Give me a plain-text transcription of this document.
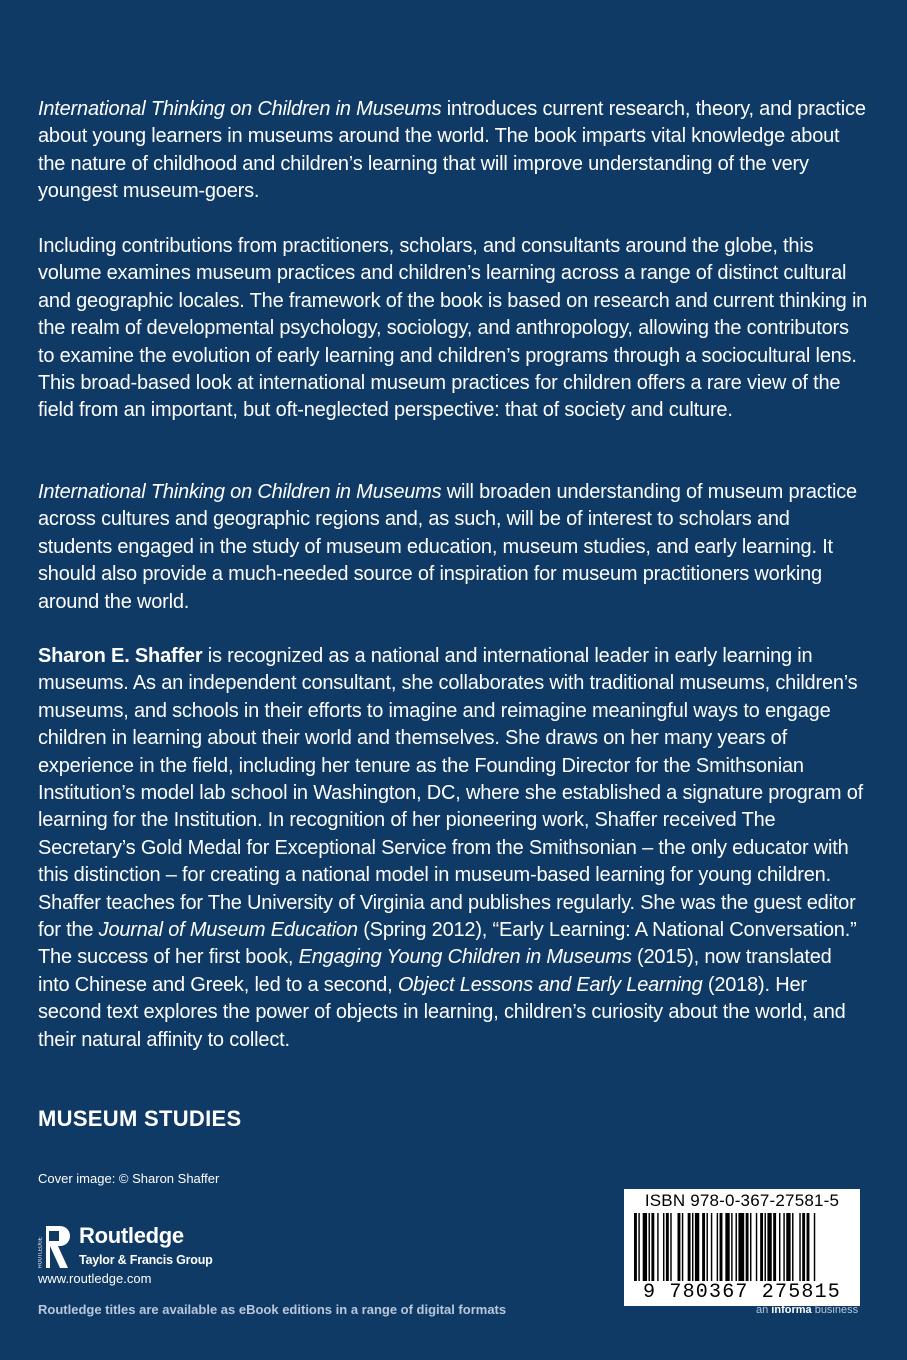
International Thinking on Children in Museums introduces current research, theory, and practice about young learners in museums around the world. The book imparts vital knowledge about the nature of childhood and children’s learning that will improve understanding of the very youngest museum-goers.
Including contributions from practitioners, scholars, and consultants around the globe, this volume examines museum practices and children’s learning across a range of distinct cultural and geographic locales. The framework of the book is based on research and current thinking in the realm of developmental psychology, sociology, and anthropology, allowing the contributors to examine the evolution of early learning and children’s programs through a sociocultural lens. This broad-based look at international museum practices for children offers a rare view of the field from an important, but oft-neglected perspective: that of society and culture.
International Thinking on Children in Museums will broaden understanding of museum practice across cultures and geographic regions and, as such, will be of interest to scholars and students engaged in the study of museum education, museum studies, and early learning. It should also provide a much-needed source of inspiration for museum practitioners working around the world.
Sharon E. Shaffer is recognized as a national and international leader in early learning in museums. As an independent consultant, she collaborates with traditional museums, children’s museums, and schools in their efforts to imagine and reimagine meaningful ways to engage children in learning about their world and themselves. She draws on her many years of experience in the field, including her tenure as the Founding Director for the Smithsonian Institution’s model lab school in Washington, DC, where she established a signature program of learning for the Institution. In recognition of her pioneering work, Shaffer received The Secretary’s Gold Medal for Exceptional Service from the Smithsonian – the only educator with this distinction – for creating a national model in museum-based learning for young children. Shaffer teaches for The University of Virginia and publishes regularly. She was the guest editor for the Journal of Museum Education (Spring 2012), “Early Learning: A National Conversation.” The success of her first book, Engaging Young Children in Museums (2015), now translated into Chinese and Greek, led to a second, Object Lessons and Early Learning (2018). Her second text explores the power of objects in learning, children’s curiosity about the world, and their natural affinity to collect.
MUSEUM STUDIES
Cover image: © Sharon Shaffer
ROUTLEDGE
Routledge
Taylor & Francis Group
www.routledge.com
Routledge titles are available as eBook editions in a range of digital formats
ISBN 978-0-367-27581-5
9 780367 275815
an informa business
